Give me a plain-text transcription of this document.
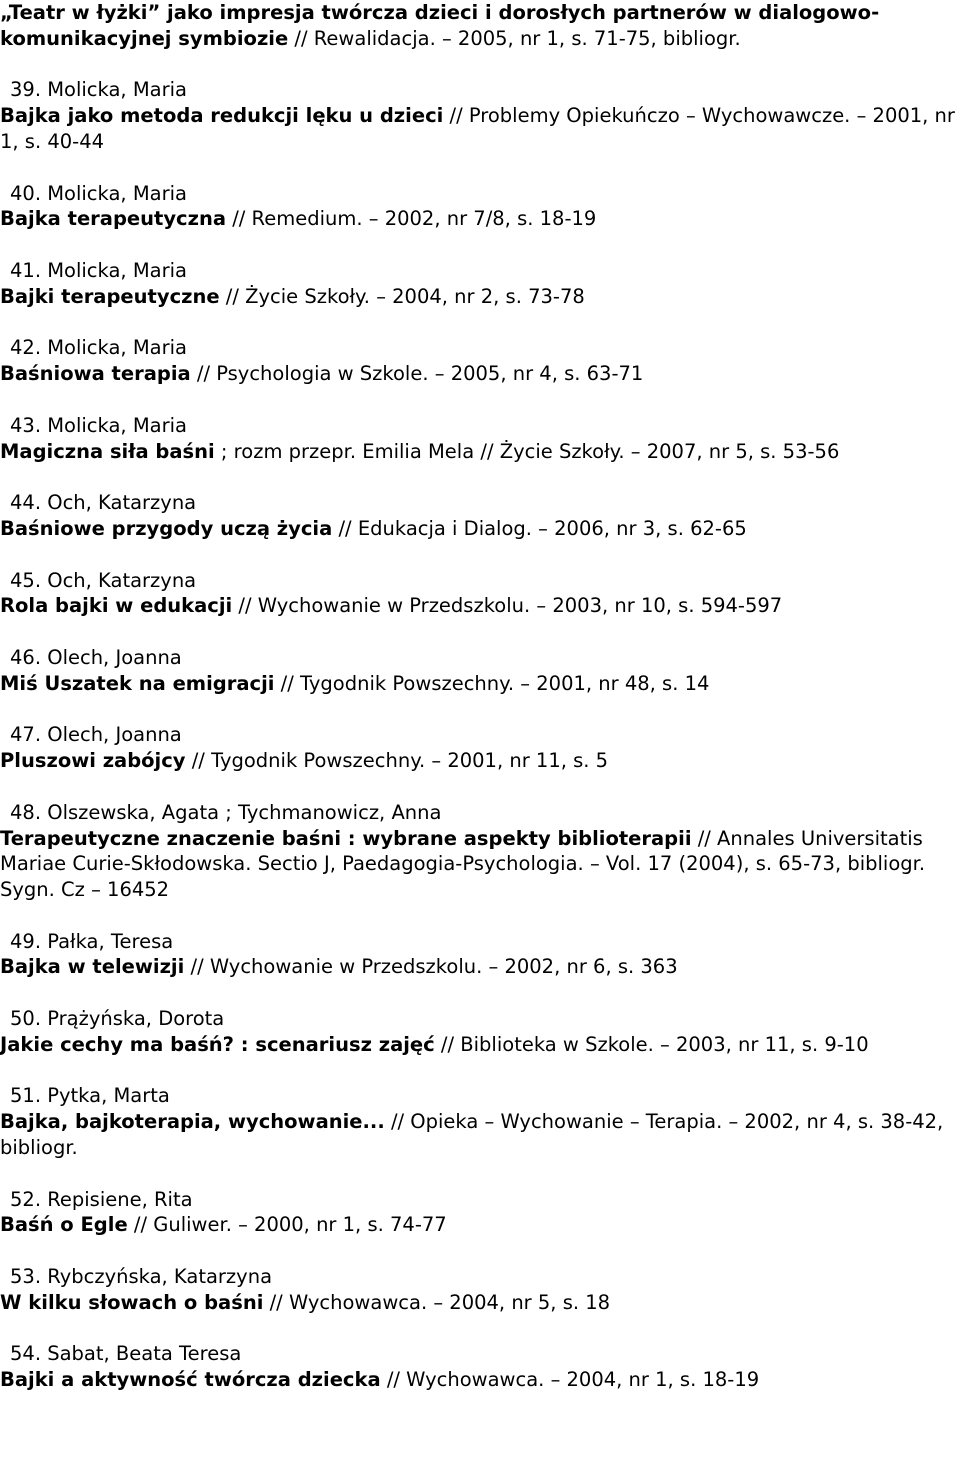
„Teatr w łyżki” jako impresja twórcza dzieci i dorosłych partnerów w dialogowo-komunikacyjnej symbiozie // Rewalidacja. – 2005, nr 1, s. 71-75, bibliogr.
39. Molicka, Maria
Bajka jako metoda redukcji lęku u dzieci // Problemy Opiekuńczo – Wychowawcze. – 2001, nr 1, s. 40-44
40. Molicka, Maria
Bajka terapeutyczna // Remedium. – 2002, nr 7/8, s. 18-19
41. Molicka, Maria
Bajki terapeutyczne // Życie Szkoły. – 2004, nr 2, s. 73-78
42. Molicka, Maria
Baśniowa terapia // Psychologia w Szkole. – 2005, nr 4, s. 63-71
43. Molicka, Maria
Magiczna siła baśni ; rozm przepr. Emilia Mela // Życie Szkoły. – 2007, nr 5, s. 53-56
44. Och, Katarzyna
Baśniowe przygody uczą życia // Edukacja i Dialog. – 2006, nr 3, s. 62-65
45. Och, Katarzyna
Rola bajki w edukacji // Wychowanie w Przedszkolu. – 2003, nr 10, s. 594-597
46. Olech, Joanna
Miś Uszatek na emigracji // Tygodnik Powszechny. – 2001, nr 48, s. 14
47. Olech, Joanna
Pluszowi zabójcy // Tygodnik Powszechny. – 2001, nr 11, s. 5
48. Olszewska, Agata ; Tychmanowicz, Anna
Terapeutyczne znaczenie baśni : wybrane aspekty biblioterapii // Annales Universitatis Mariae Curie-Skłodowska. Sectio J, Paedagogia-Psychologia. – Vol. 17 (2004), s. 65-73, bibliogr.
Sygn. Cz – 16452
49. Pałka, Teresa
Bajka w telewizji // Wychowanie w Przedszkolu. – 2002, nr 6, s. 363
50. Prążyńska, Dorota
Jakie cechy ma baśń? : scenariusz zajęć // Biblioteka w Szkole. – 2003, nr 11, s. 9-10
51. Pytka, Marta
Bajka, bajkoterapia, wychowanie... // Opieka – Wychowanie – Terapia. – 2002, nr 4, s. 38-42, bibliogr.
52. Repisiene, Rita
Baśń o Egle // Guliwer. – 2000, nr 1, s. 74-77
53. Rybczyńska, Katarzyna
W kilku słowach o baśni // Wychowawca. – 2004, nr 5, s. 18
54. Sabat, Beata Teresa
Bajki a aktywność twórcza dziecka // Wychowawca. – 2004, nr 1, s. 18-19
